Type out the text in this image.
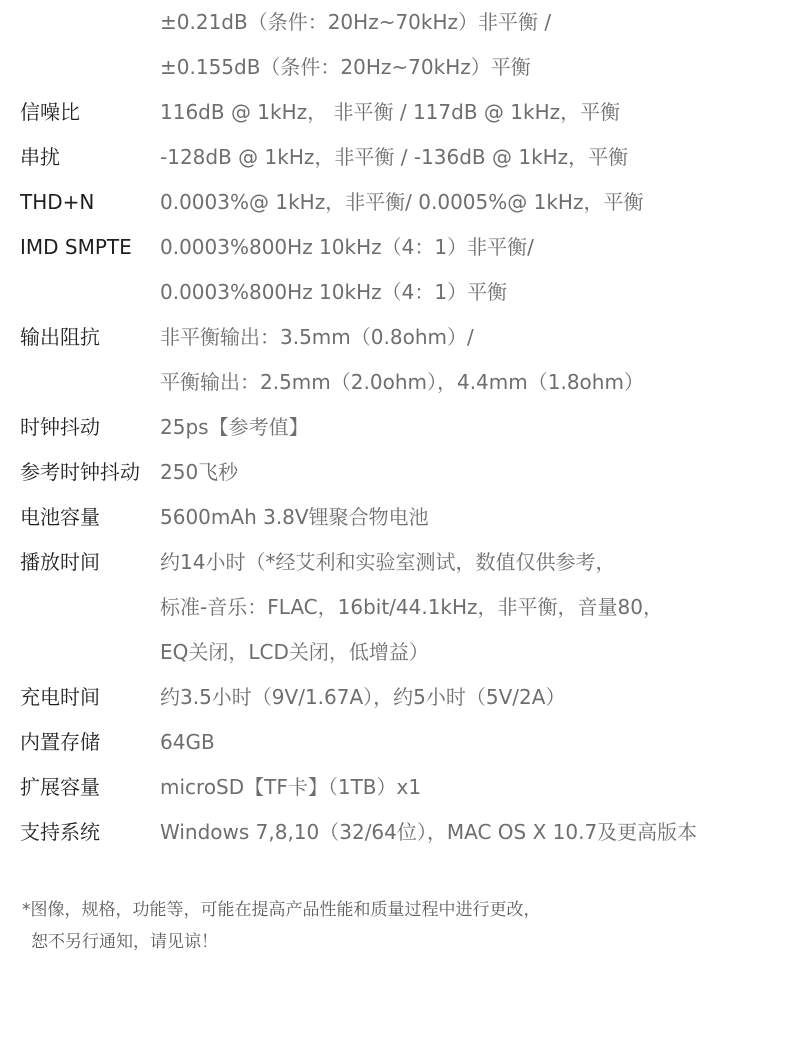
±0.21dB（条件：20Hz~70kHz）非平衡 /
±0.155dB（条件：20Hz~70kHz）平衡
信噪比	116dB @ 1kHz， 非平衡 / 117dB @ 1kHz，平衡
串扰	-128dB @ 1kHz，非平衡 / -136dB @ 1kHz，平衡
THD+N	0.0003%@ 1kHz，非平衡/ 0.0005%@ 1kHz，平衡
IMD SMPTE	0.0003%800Hz 10kHz（4：1）非平衡/
0.0003%800Hz 10kHz（4：1）平衡
输出阻抗	非平衡输出：3.5mm（0.8ohm）/
平衡输出：2.5mm（2.0ohm），4.4mm（1.8ohm）
时钟抖动	25ps【参考值】
参考时钟抖动	250飞秒
电池容量	5600mAh 3.8V锂聚合物电池
播放时间	约14小时（*经艾利和实验室测试，数值仅供参考，
标准-音乐：FLAC，16bit/44.1kHz，非平衡，音量80，
EQ关闭，LCD关闭，低增益）
充电时间	约3.5小时（9V/1.67A），约5小时（5V/2A）
内置存储	64GB
扩展容量	microSD【TF卡】（1TB）x1
支持系统	Windows 7,8,10（32/64位），MAC OS X 10.7及更高版本
*图像，规格，功能等，可能在提高产品性能和质量过程中进行更改，
恕不另行通知，请见谅！
